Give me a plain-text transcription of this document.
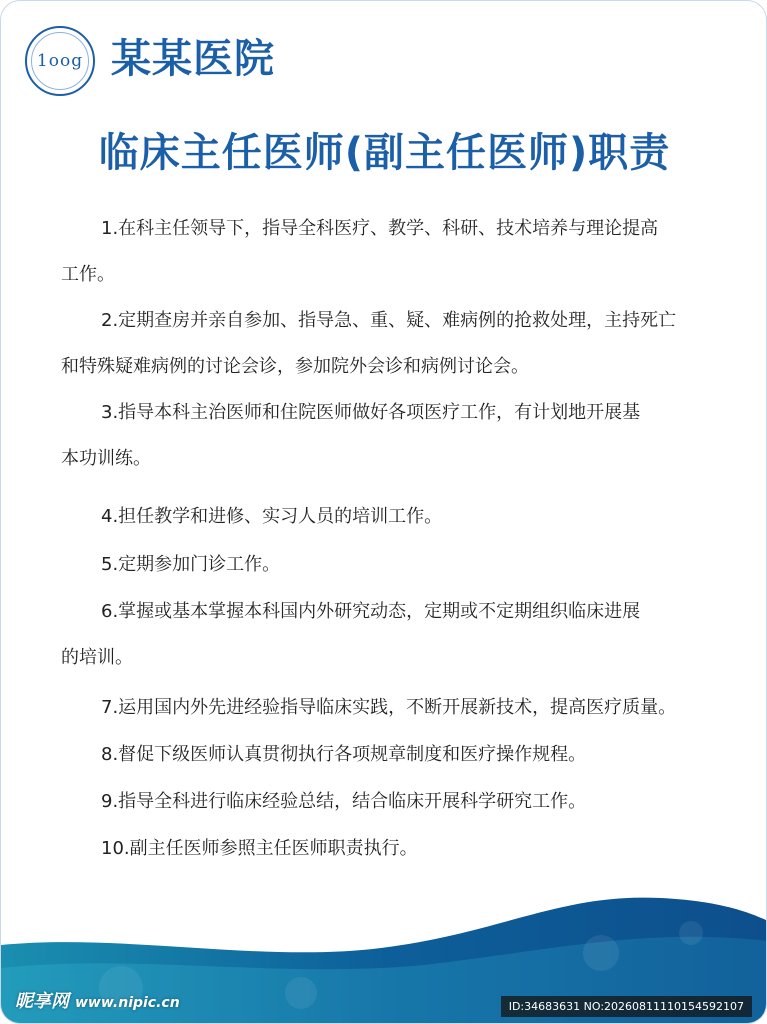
1oog 某某医院
临床主任医师(副主任医师)职责
1.在科主任领导下，指导全科医疗、教学、科研、技术培养与理论提高
工作。
2.定期查房并亲自参加、指导急、重、疑、难病例的抢救处理，主持死亡
和特殊疑难病例的讨论会诊，参加院外会诊和病例讨论会。
3.指导本科主治医师和住院医师做好各项医疗工作，有计划地开展基
本功训练。
4.担任教学和进修、实习人员的培训工作。
5.定期参加门诊工作。
6.掌握或基本掌握本科国内外研究动态，定期或不定期组织临床进展
的培训。
7.运用国内外先进经验指导临床实践，不断开展新技术，提高医疗质量。
8.督促下级医师认真贯彻执行各项规章制度和医疗操作规程。
9.指导全科进行临床经验总结，结合临床开展科学研究工作。
10.副主任医师参照主任医师职责执行。
昵享网 www.nipic.cn	ID:34683631 NO:20260811110154592107
